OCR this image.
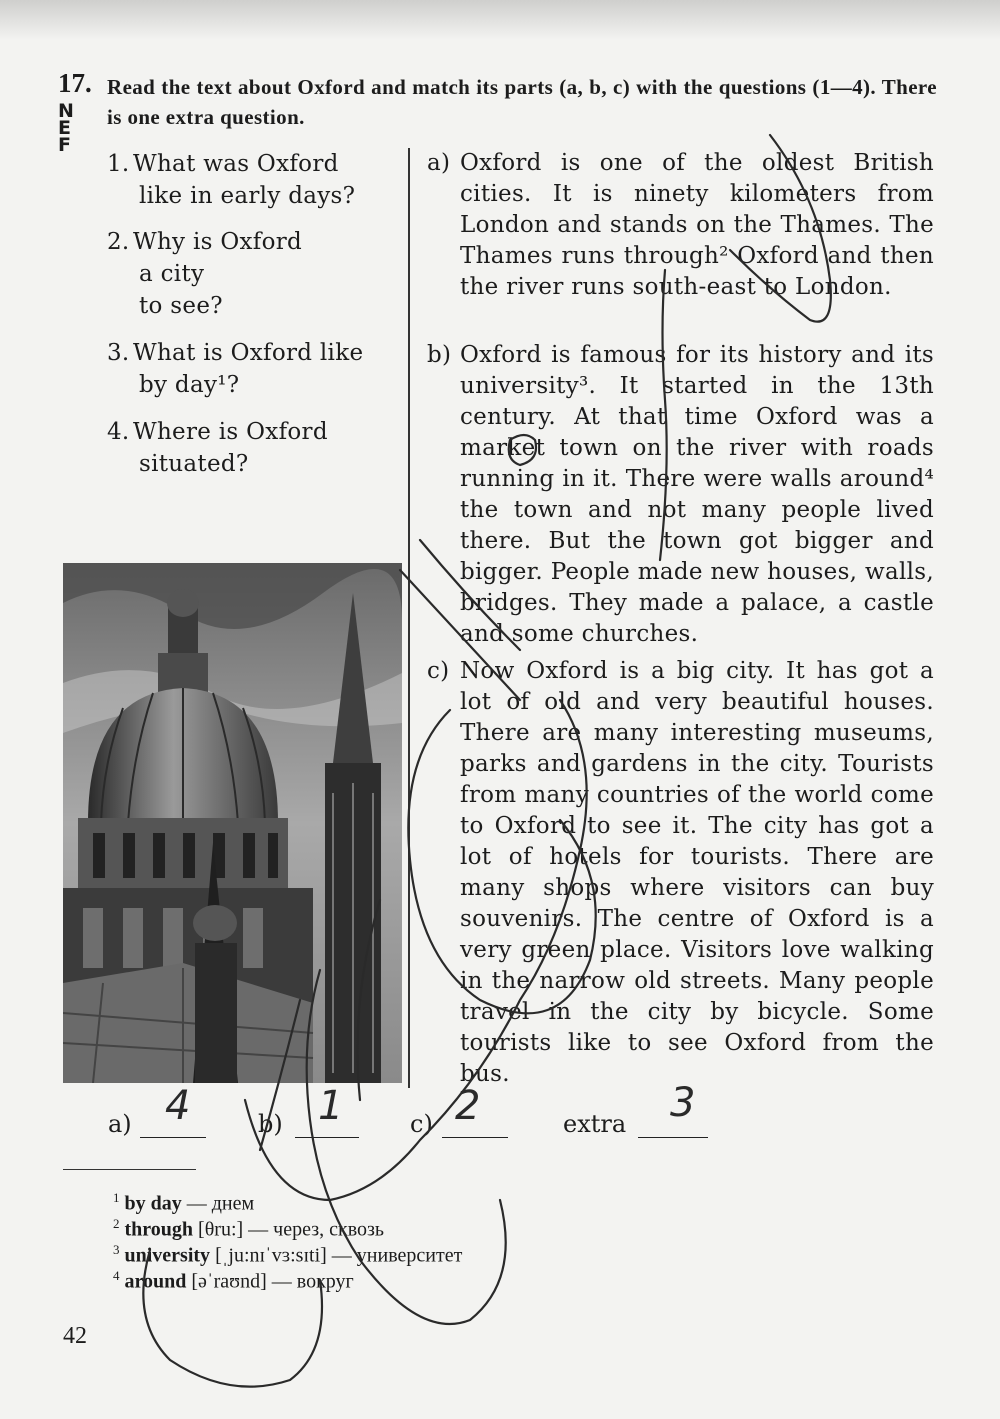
17. Read the text about Oxford and match its parts (a, b, c) with the questions (1—4). There is one extra question.
N
E
F
1. What was Oxford
like in early days?
2. Why is Oxford
a city
to see?
3. What is Oxford like
by day¹?
4. Where is Oxford
situated?
a) Oxford is one of the oldest British cities. It is ninety kilometers from London and stands on the Thames. The Thames runs through² Oxford and then the river runs south-east to London.
b) Oxford is famous for its history and its university³. It started in the 13th century. At that time Oxford was a market town on the river with roads running in it. There were walls around⁴ the town and not many people lived there. But the town got bigger and bigger. People made new houses, walls, bridges. They made a palace, a castle and some churches.
c) Now Oxford is a big city. It has got a lot of old and very beautiful houses. There are many interesting museums, parks and gardens in the city. Tourists from many countries of the world come to Oxford to see it. The city has got a lot of hotels for tourists. There are many shops where visitors can buy souvenirs. The centre of Oxford is a very green place. Visitors love walking in the narrow old streets. Many people travel in the city by bicycle. Some tourists like to see Oxford from the bus.
a) 4	b) 1	c) 2	extra 3
$^1$ by day — днем
$^2$ through [θru:] — через, сквозь
$^3$ university [ˌju:nɪˈvɜ:sɪti] — университет
$^4$ around [əˈraʊnd] — вокруг
42
